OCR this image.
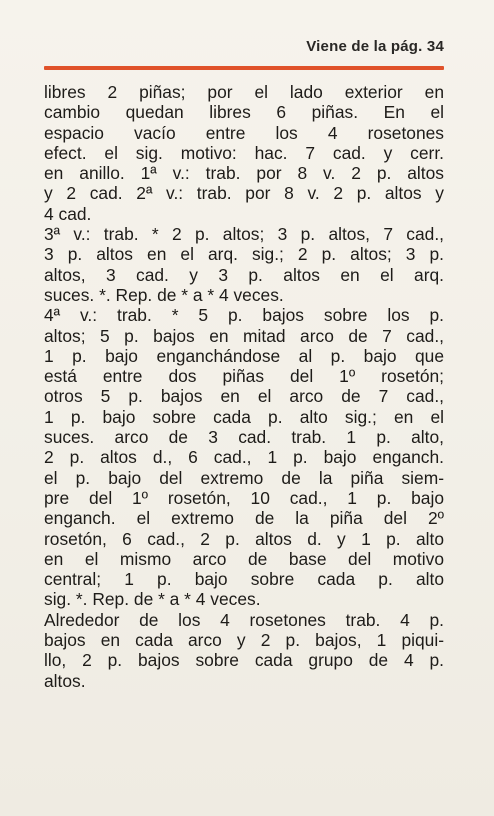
Viene de la pág. 34
libres 2 piñas; por el lado exterior en
cambio quedan libres 6 piñas. En el
espacio vacío entre los 4 rosetones
efect. el sig. motivo: hac. 7 cad. y cerr.
en anillo. 1ª v.: trab. por 8 v. 2 p. altos
y 2 cad. 2ª v.: trab. por 8 v. 2 p. altos y
4 cad.
3ª v.: trab. * 2 p. altos; 3 p. altos, 7 cad.,
3 p. altos en el arq. sig.; 2 p. altos; 3 p.
altos, 3 cad. y 3 p. altos en el arq.
suces. *. Rep. de * a * 4 veces.
4ª v.: trab. * 5 p. bajos sobre los p.
altos; 5 p. bajos en mitad arco de 7 cad.,
1 p. bajo enganchándose al p. bajo que
está entre dos piñas del 1º rosetón;
otros 5 p. bajos en el arco de 7 cad.,
1 p. bajo sobre cada p. alto sig.; en el
suces. arco de 3 cad. trab. 1 p. alto,
2 p. altos d., 6 cad., 1 p. bajo enganch.
el p. bajo del extremo de la piña siem-
pre del 1º rosetón, 10 cad., 1 p. bajo
enganch. el extremo de la piña del 2º
rosetón, 6 cad., 2 p. altos d. y 1 p. alto
en el mismo arco de base del motivo
central; 1 p. bajo sobre cada p. alto
sig. *. Rep. de * a * 4 veces.
Alrededor de los 4 rosetones trab. 4 p.
bajos en cada arco y 2 p. bajos, 1 piqui-
llo, 2 p. bajos sobre cada grupo de 4 p.
altos.
